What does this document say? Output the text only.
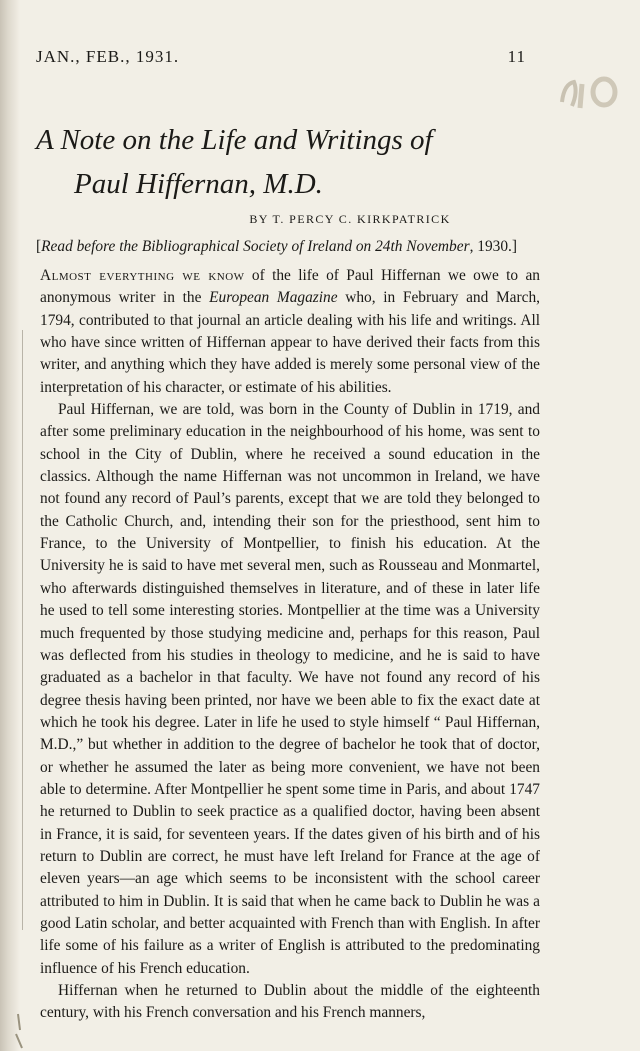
JAN., FEB., 1931.	11
A Note on the Life and Writings of
Paul Hiffernan, M.D.
BY T. PERCY C. KIRKPATRICK
[Read before the Bibliographical Society of Ireland on 24th November, 1930.]

Almost everything we know of the life of Paul Hiffernan we owe to an anonymous writer in the European Magazine who, in February and March, 1794, contributed to that journal an article dealing with his life and writings. All who have since written of Hiffernan appear to have derived their facts from this writer, and anything which they have added is merely some personal view of the interpretation of his character, or estimate of his abilities.

Paul Hiffernan, we are told, was born in the County of Dublin in 1719, and after some preliminary education in the neighbourhood of his home, was sent to school in the City of Dublin, where he received a sound education in the classics. Although the name Hiffernan was not uncommon in Ireland, we have not found any record of Paul’s parents, except that we are told they belonged to the Catholic Church, and, intending their son for the priesthood, sent him to France, to the University of Montpellier, to finish his education. At the University he is said to have met several men, such as Rousseau and Monmartel, who afterwards distinguished themselves in literature, and of these in later life he used to tell some interesting stories. Montpellier at the time was a University much frequented by those studying medicine and, perhaps for this reason, Paul was deflected from his studies in theology to medicine, and he is said to have graduated as a bachelor in that faculty. We have not found any record of his degree thesis having been printed, nor have we been able to fix the exact date at which he took his degree. Later in life he used to style himself “ Paul Hiffernan, M.D.,” but whether in addition to the degree of bachelor he took that of doctor, or whether he assumed the later as being more convenient, we have not been able to determine. After Montpellier he spent some time in Paris, and about 1747 he returned to Dublin to seek practice as a qualified doctor, having been absent in France, it is said, for seventeen years. If the dates given of his birth and of his return to Dublin are correct, he must have left Ireland for France at the age of eleven years—an age which seems to be inconsistent with the school career attributed to him in Dublin. It is said that when he came back to Dublin he was a good Latin scholar, and better acquainted with French than with English. In after life some of his failure as a writer of English is attributed to the predominating influence of his French education.

Hiffernan when he returned to Dublin about the middle of the eighteenth century, with his French conversation and his French manners,
